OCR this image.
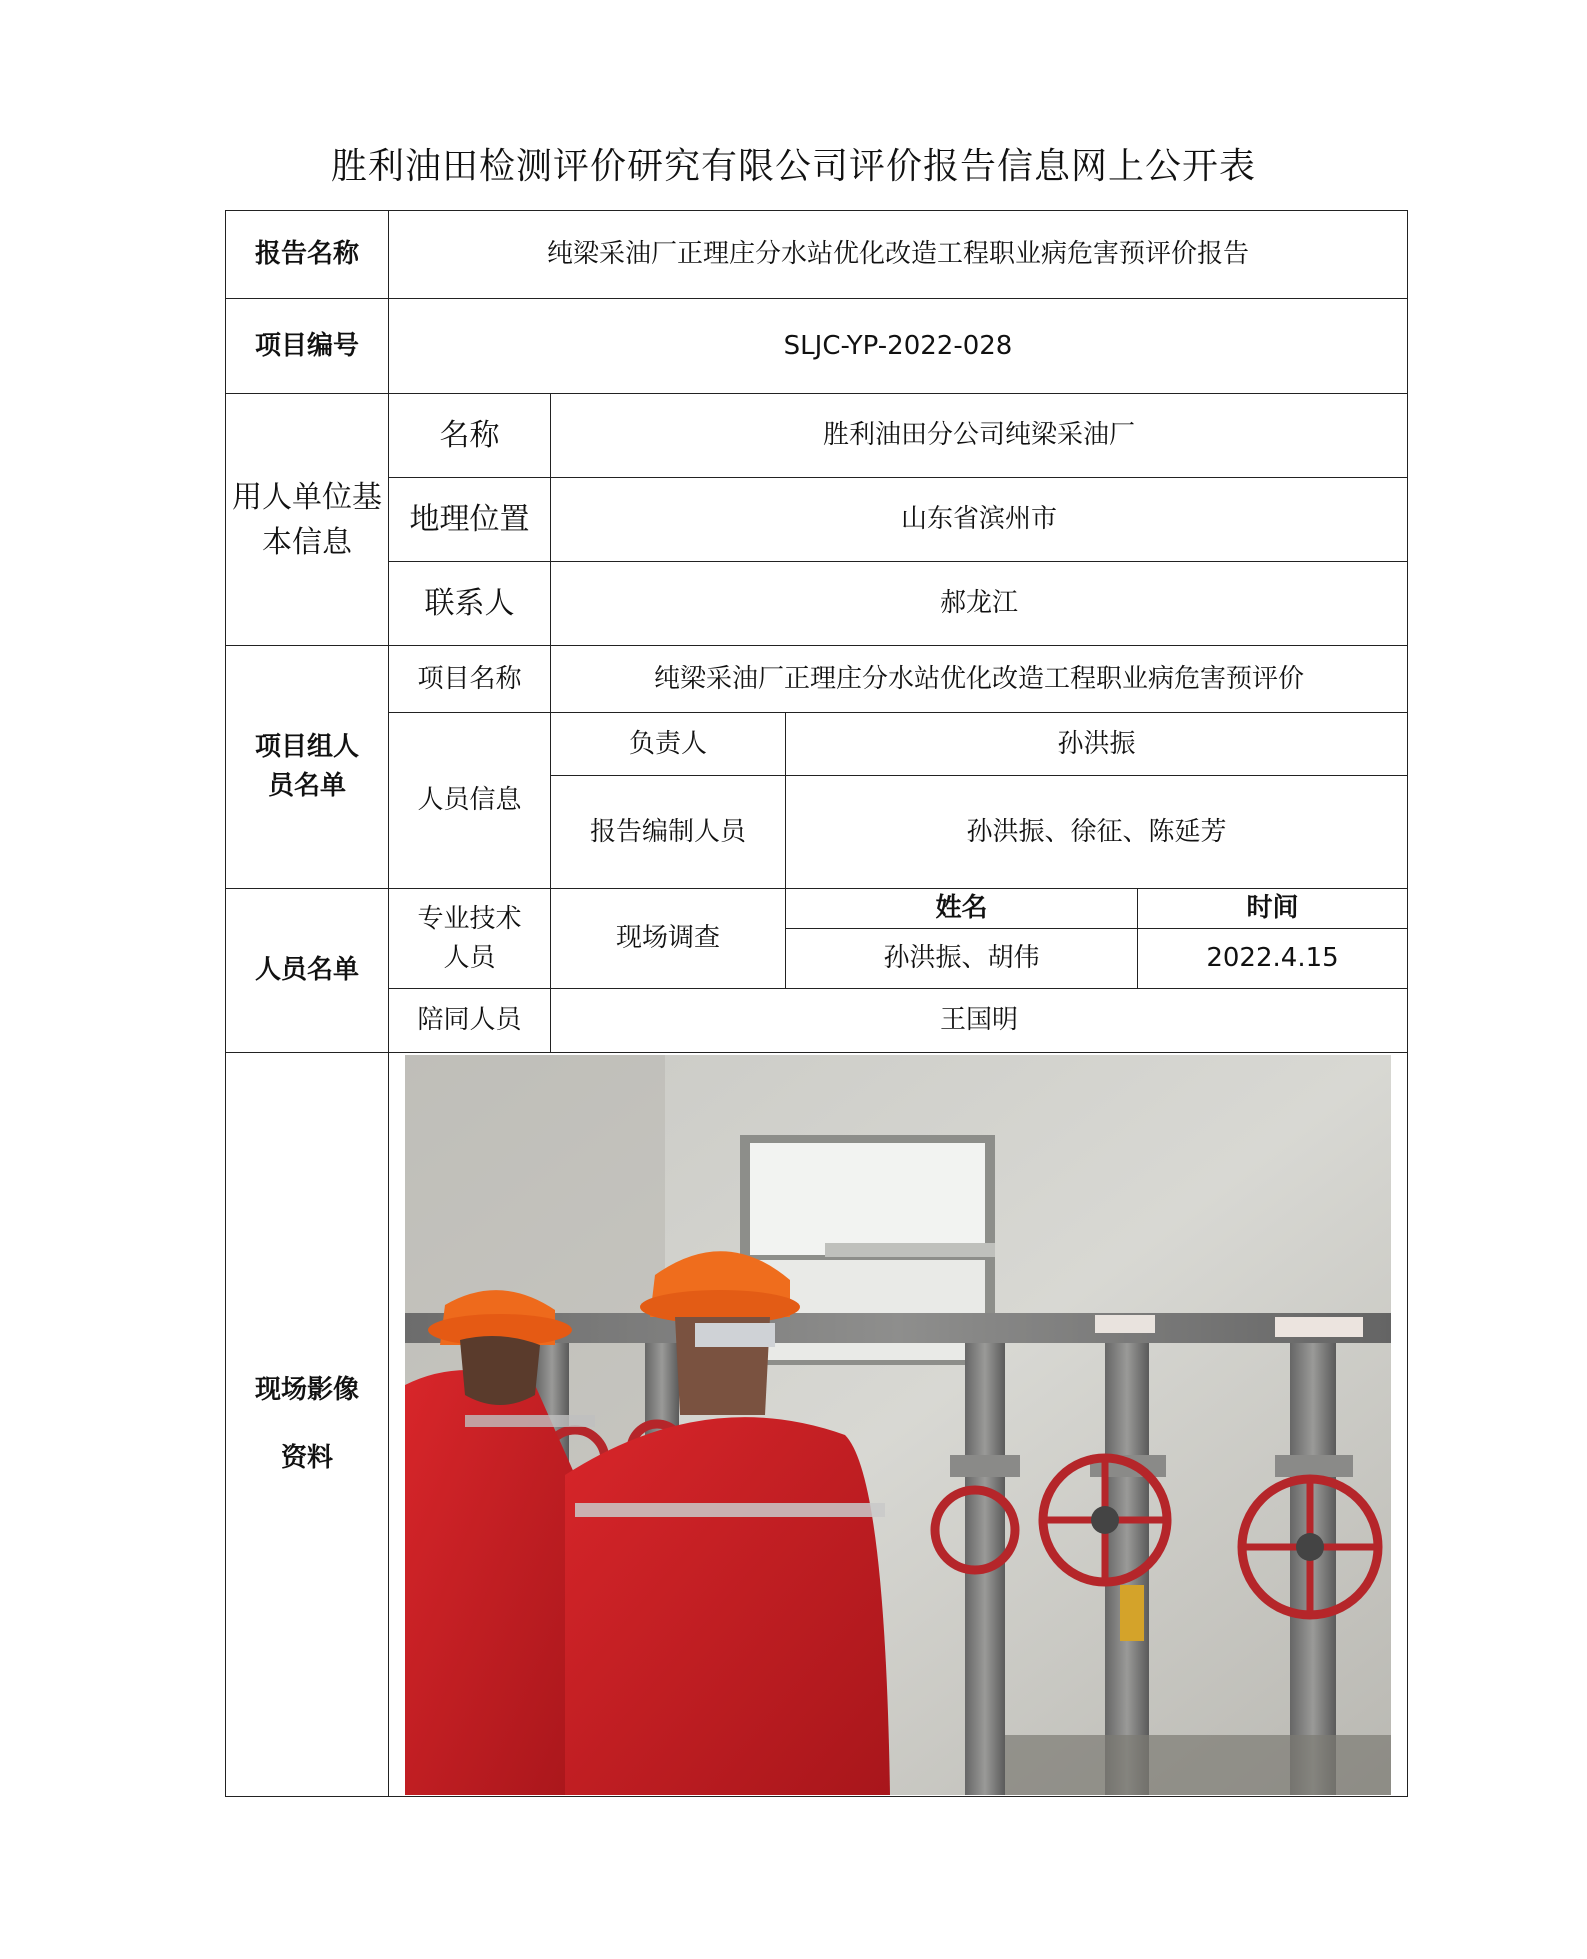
胜利油田检测评价研究有限公司评价报告信息网上公开表
报告名称	纯梁采油厂正理庄分水站优化改造工程职业病危害预评价报告			
项目编号	SLJC-YP-2022-028			
用人单位基本信息	名称	胜利油田分公司纯梁采油厂		
	地理位置	山东省滨州市		
	联系人	郝龙江		
项目组人员名单	项目名称	纯梁采油厂正理庄分水站优化改造工程职业病危害预评价		
	人员信息	负责人	孙洪振	
		报告编制人员	孙洪振、徐征、陈延芳	
人员名单	专业技术人员	现场调查	姓名	时间
			孙洪振、胡伟	2022.4.15
	陪同人员	王国明		

现场影像
资料
